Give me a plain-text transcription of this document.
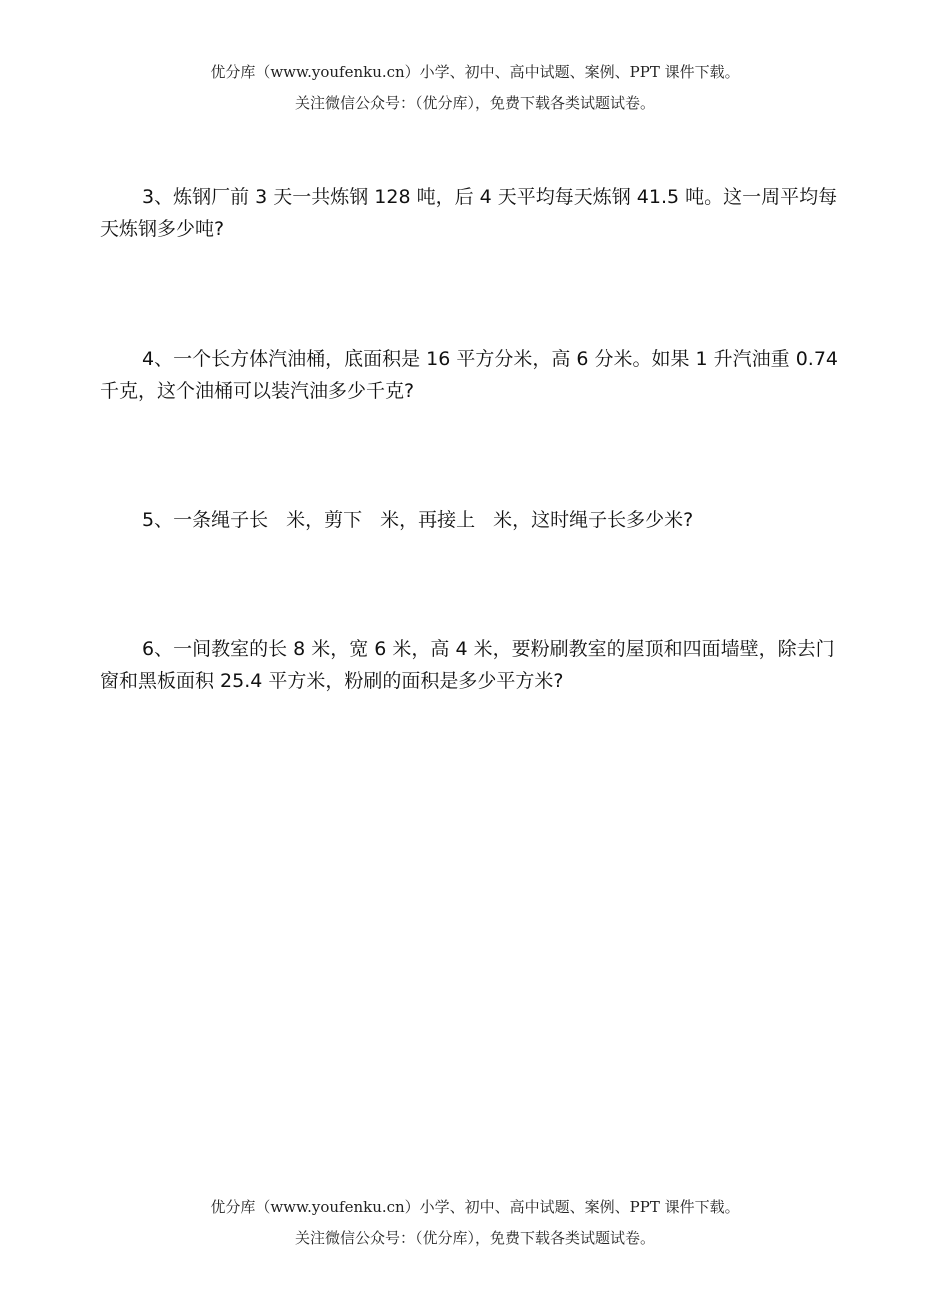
优分库（www.youfenku.cn）小学、初中、高中试题、案例、PPT 课件下载。
关注微信公众号：（优分库），免费下载各类试题试卷。
3、炼钢厂前 3 天一共炼钢 128 吨，后 4 天平均每天炼钢 41.5 吨。这一周平均每天炼钢多少吨?
4、一个长方体汽油桶，底面积是 16 平方分米，高 6 分米。如果 1 升汽油重 0.74 千克，这个油桶可以装汽油多少千克?
5、一条绳子长 米，剪下 米，再接上 米，这时绳子长多少米?
6、一间教室的长 8 米，宽 6 米，高 4 米，要粉刷教室的屋顶和四面墙壁，除去门窗和黑板面积 25.4 平方米，粉刷的面积是多少平方米?
优分库（www.youfenku.cn）小学、初中、高中试题、案例、PPT 课件下载。
关注微信公众号：（优分库），免费下载各类试题试卷。
